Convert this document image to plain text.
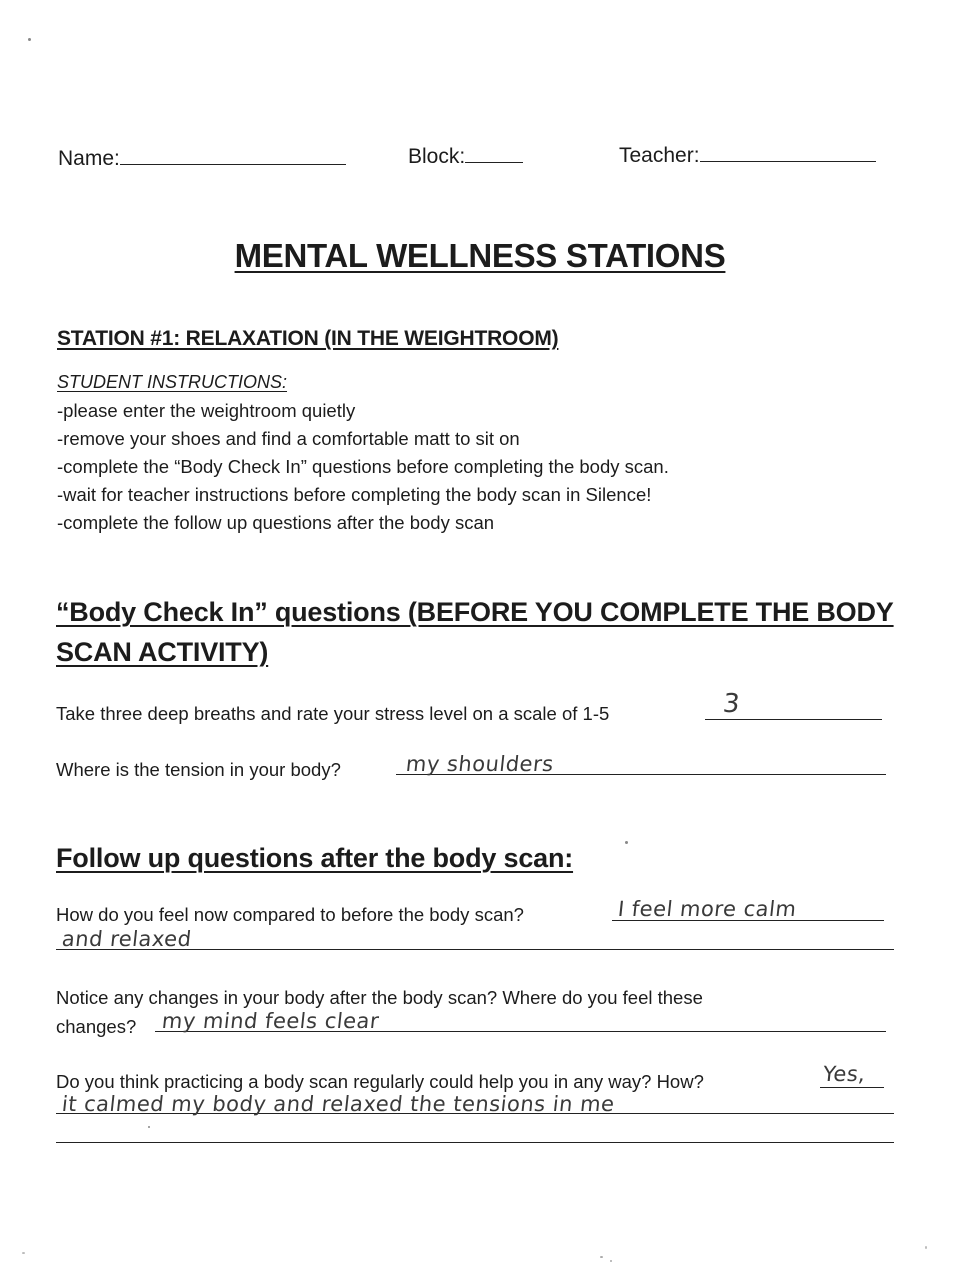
Name:	Block:	Teacher:
MENTAL WELLNESS STATIONS
STATION #1: RELAXATION (IN THE WEIGHTROOM)
STUDENT INSTRUCTIONS:
-please enter the weightroom quietly
-remove your shoes and find a comfortable matt to sit on
-complete the “Body Check In” questions before completing the body scan.
-wait for teacher instructions before completing the body scan in Silence!
-complete the follow up questions after the body scan
“Body Check In” questions (BEFORE YOU COMPLETE THE BODY SCAN ACTIVITY)
Take three deep breaths and rate your stress level on a scale of 1-5	3
Where is the tension in your body?	my shoulders
Follow up questions after the body scan:
How do you feel now compared to before the body scan?	I feel more calm
and relaxed
Notice any changes in your body after the body scan? Where do you feel these
changes? my mind feels clear
Do you think practicing a body scan regularly could help you in any way? How?	Yes,
it calmed my body and relaxed the tensions in me
